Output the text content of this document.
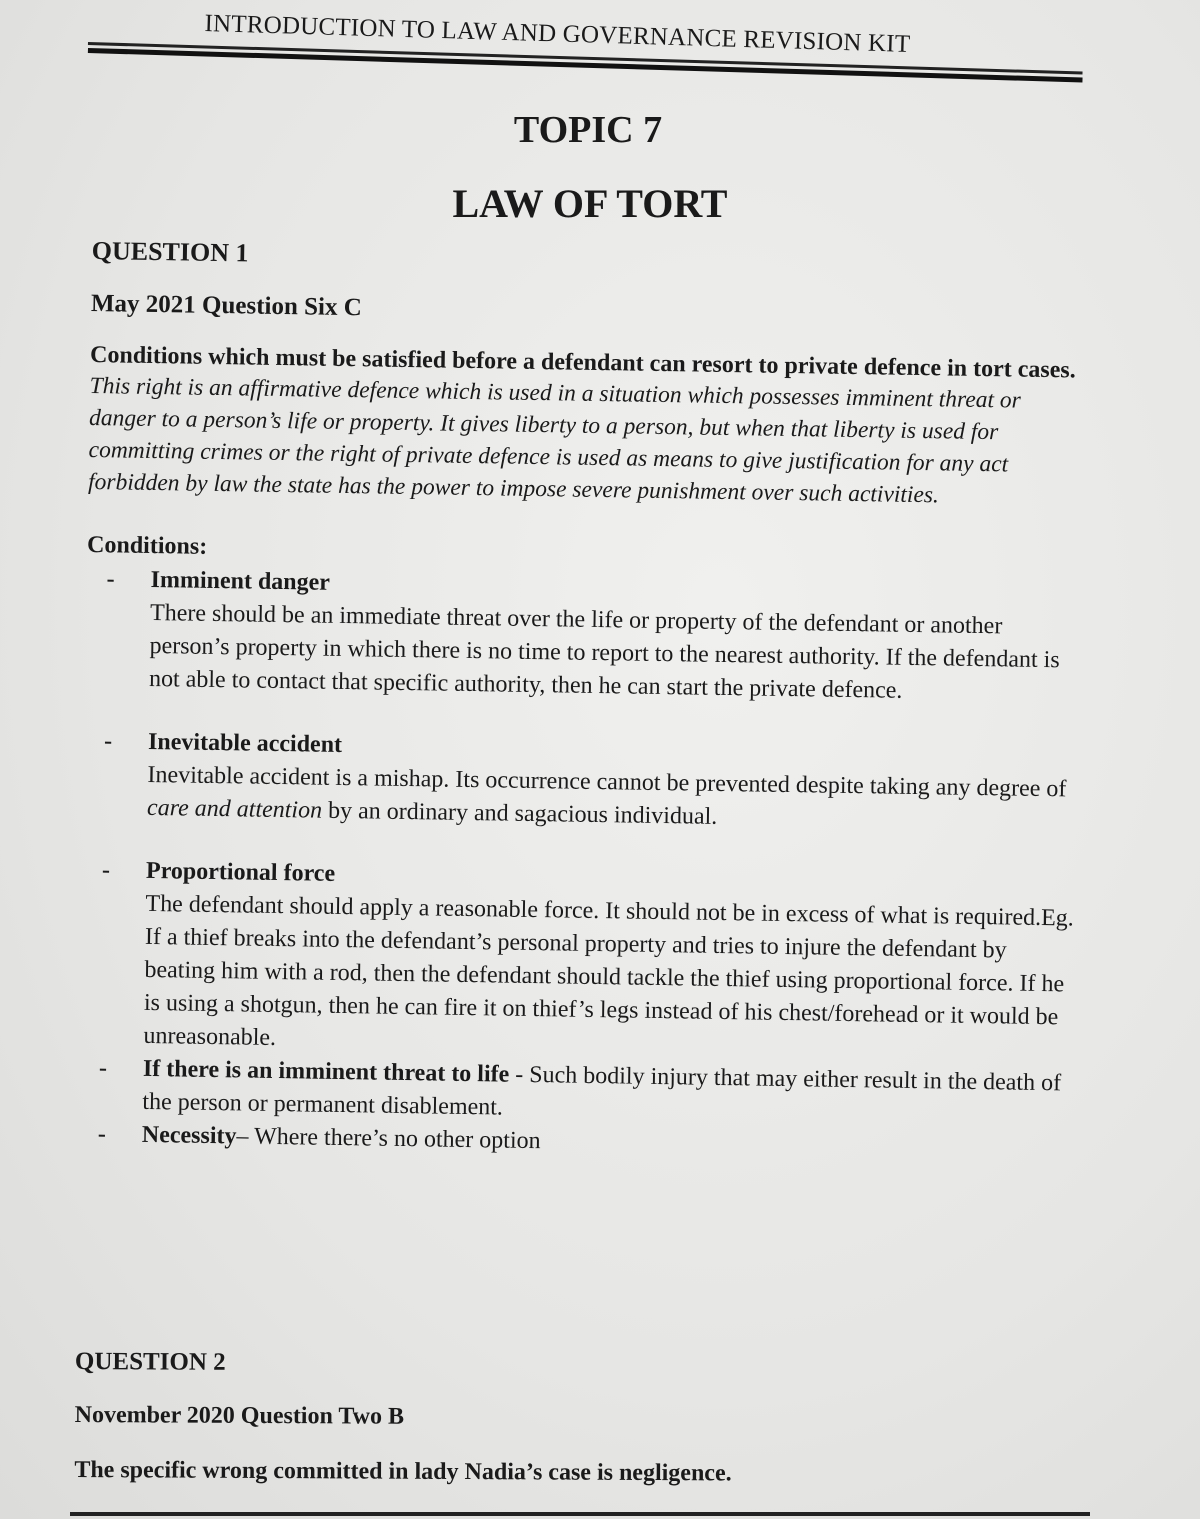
INTRODUCTION TO LAW AND GOVERNANCE REVISION KIT
TOPIC 7
LAW OF TORT

QUESTION 1

May 2021 Question Six C

Conditions which must be satisfied before a defendant can resort to private defence in tort cases.

This right is an affirmative defence which is used in a situation which possesses imminent threat or danger to a person’s life or property. It gives liberty to a person, but when that liberty is used for committing crimes or the right of private defence is used as means to give justification for any act forbidden by law the state has the power to impose severe punishment over such activities.

Conditions:
- Imminent danger
There should be an immediate threat over the life or property of the defendant or another person’s property in which there is no time to report to the nearest authority. If the defendant is not able to contact that specific authority, then he can start the private defence.
- Inevitable accident
Inevitable accident is a mishap. Its occurrence cannot be prevented despite taking any degree of care and attention by an ordinary and sagacious individual.
- Proportional force
The defendant should apply a reasonable force. It should not be in excess of what is required.Eg. If a thief breaks into the defendant’s personal property and tries to injure the defendant by beating him with a rod, then the defendant should tackle the thief using proportional force. If he is using a shotgun, then he can fire it on thief’s legs instead of his chest/forehead or it would be unreasonable.
- If there is an imminent threat to life - Such bodily injury that may either result in the death of the person or permanent disablement.
- Necessity– Where there’s no other option

QUESTION 2

November 2020 Question Two B

The specific wrong committed in lady Nadia’s case is negligence.
